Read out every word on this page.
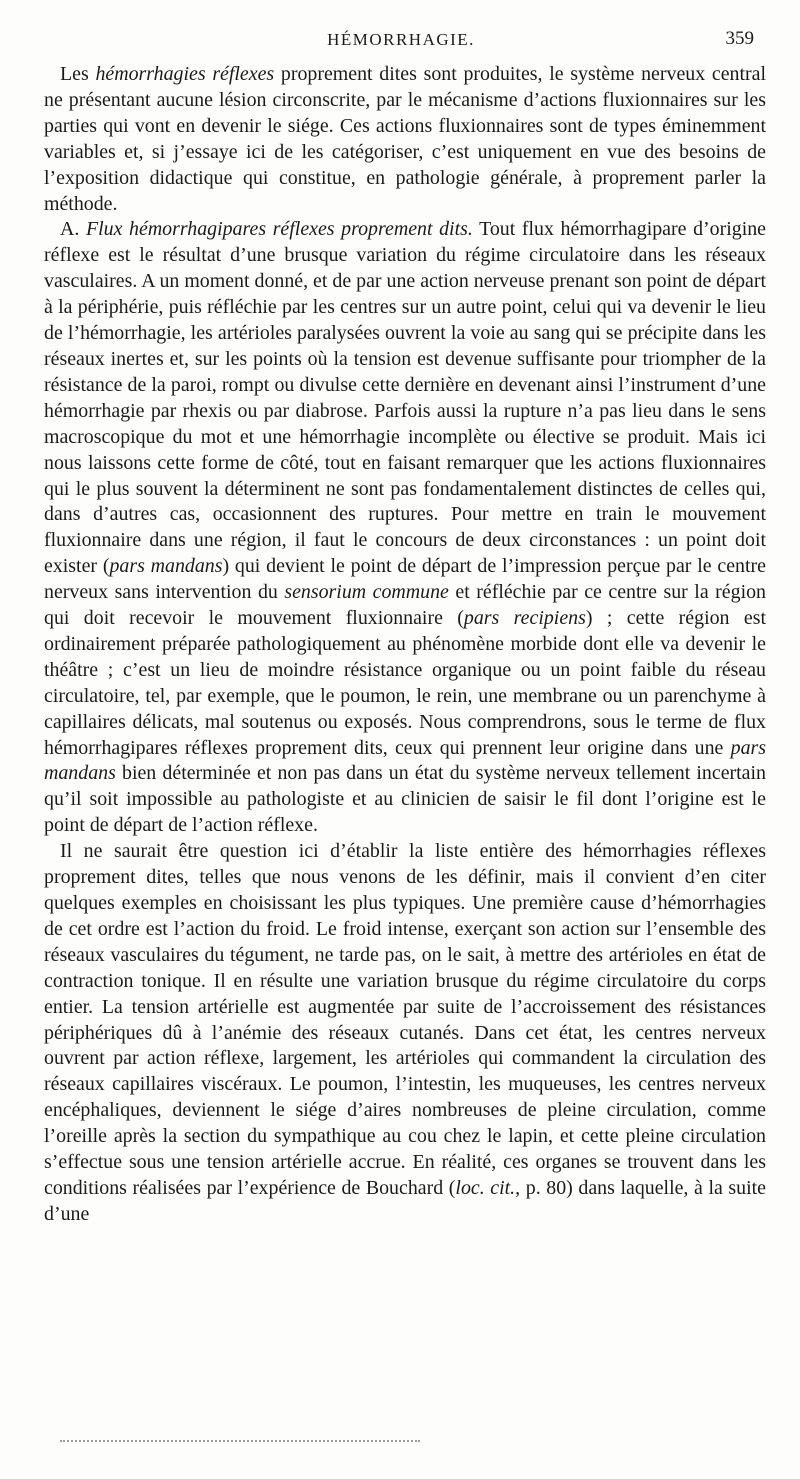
HÉMORRHAGIE.	359

Les hémorrhagies réflexes proprement dites sont produites, le système nerveux central ne présentant aucune lésion circonscrite, par le mécanisme d’actions fluxionnaires sur les parties qui vont en devenir le siége. Ces actions fluxionnaires sont de types éminemment variables et, si j’essaye ici de les catégoriser, c’est uniquement en vue des besoins de l’exposition didactique qui constitue, en pathologie générale, à proprement parler la méthode.

A. Flux hémorrhagipares réflexes proprement dits. Tout flux hémorrhagipare d’origine réflexe est le résultat d’une brusque variation du régime circulatoire dans les réseaux vasculaires. A un moment donné, et de par une action nerveuse prenant son point de départ à la périphérie, puis réfléchie par les centres sur un autre point, celui qui va devenir le lieu de l’hémorrhagie, les artérioles paralysées ouvrent la voie au sang qui se précipite dans les réseaux inertes et, sur les points où la tension est devenue suffisante pour triompher de la résistance de la paroi, rompt ou divulse cette dernière en devenant ainsi l’instrument d’une hémorrhagie par rhexis ou par diabrose. Parfois aussi la rupture n’a pas lieu dans le sens macroscopique du mot et une hémorrhagie incomplète ou élective se produit. Mais ici nous laissons cette forme de côté, tout en faisant remarquer que les actions fluxionnaires qui le plus souvent la déterminent ne sont pas fondamentalement distinctes de celles qui, dans d’autres cas, occasionnent des ruptures. Pour mettre en train le mouvement fluxionnaire dans une région, il faut le concours de deux circonstances : un point doit exister (pars mandans) qui devient le point de départ de l’impression perçue par le centre nerveux sans intervention du sensorium commune et réfléchie par ce centre sur la région qui doit recevoir le mouvement fluxionnaire (pars recipiens) ; cette région est ordinairement préparée pathologiquement au phénomène morbide dont elle va devenir le théâtre ; c’est un lieu de moindre résistance organique ou un point faible du réseau circulatoire, tel, par exemple, que le poumon, le rein, une membrane ou un parenchyme à capillaires délicats, mal soutenus ou exposés. Nous comprendrons, sous le terme de flux hémorrhagipares réflexes proprement dits, ceux qui prennent leur origine dans une pars mandans bien déterminée et non pas dans un état du système nerveux tellement incertain qu’il soit impossible au pathologiste et au clinicien de saisir le fil dont l’origine est le point de départ de l’action réflexe.

Il ne saurait être question ici d’établir la liste entière des hémorrhagies réflexes proprement dites, telles que nous venons de les définir, mais il convient d’en citer quelques exemples en choisissant les plus typiques. Une première cause d’hémorrhagies de cet ordre est l’action du froid. Le froid intense, exerçant son action sur l’ensemble des réseaux vasculaires du tégument, ne tarde pas, on le sait, à mettre des artérioles en état de contraction tonique. Il en résulte une variation brusque du régime circulatoire du corps entier. La tension artérielle est augmentée par suite de l’accroissement des résistances périphériques dû à l’anémie des réseaux cutanés. Dans cet état, les centres nerveux ouvrent par action réflexe, largement, les artérioles qui commandent la circulation des réseaux capillaires viscéraux. Le poumon, l’intestin, les muqueuses, les centres nerveux encéphaliques, deviennent le siége d’aires nombreuses de pleine circulation, comme l’oreille après la section du sympathique au cou chez le lapin, et cette pleine circulation s’effectue sous une tension artérielle accrue. En réalité, ces organes se trouvent dans les conditions réalisées par l’expérience de Bouchard (loc. cit., p. 80) dans laquelle, à la suite d’une
